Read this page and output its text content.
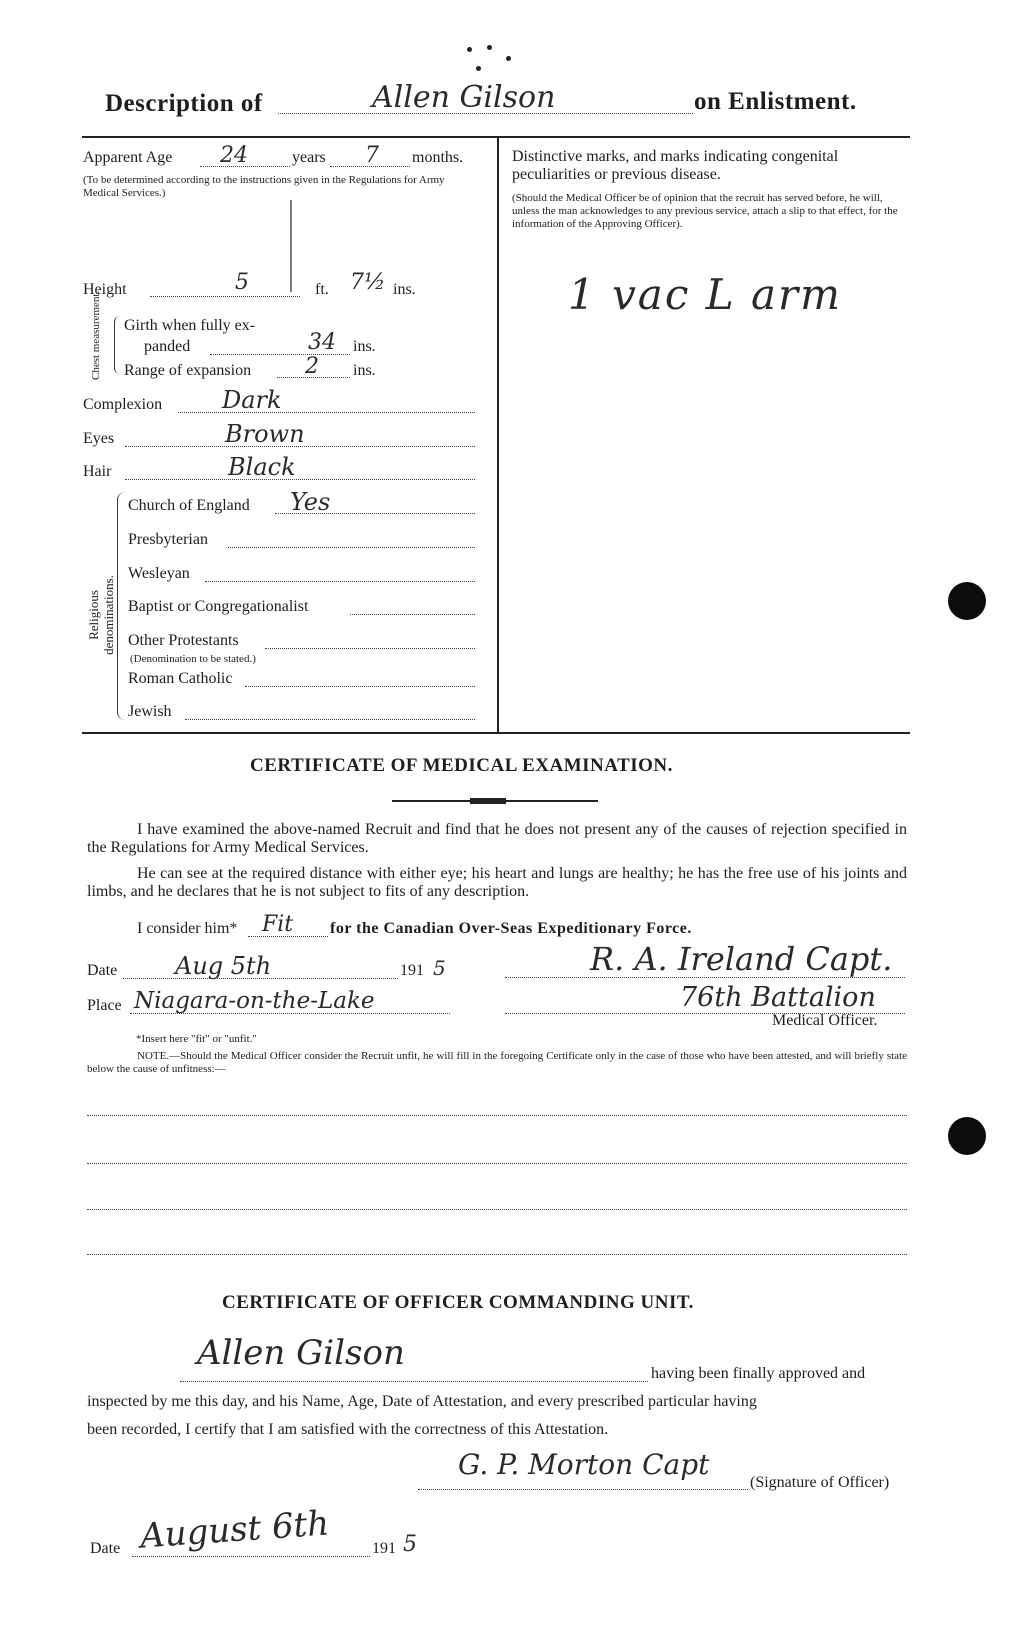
Description of	Allen Gilson	on Enlistment.
Apparent Age 24	years 7 months.
(To be determined according to the instructions given in the Regulations for Army Medical Services.)
Height	5	ft. 7½ ins.
Chest measurement. Girth when fully ex-
panded	34 ins.
Range of expansion 2 ins.
Complexion Dark
Eyes	Brown
Hair	Black
Religious denominations.
Church of England Yes
Presbyterian
Wesleyan
Baptist or Congregationalist
Other Protestants
(Denomination to be stated.)
Roman Catholic
Jewish
Distinctive marks, and marks indicating congenital peculiarities or previous disease.
(Should the Medical Officer be of opinion that the recruit has served before, he will, unless the man acknowledges to any previous service, attach a slip to that effect, for the information of the Approving Officer).
1 vac L arm
CERTIFICATE OF MEDICAL EXAMINATION.
I have examined the above-named Recruit and find that he does not present any of the causes of rejection specified in the Regulations for Army Medical Services.
He can see at the required distance with either eye; his heart and lungs are healthy; he has the free use of his joints and limbs, and he declares that he is not subject to fits of any description.
I consider him* Fit for the Canadian Over-Seas Expeditionary Force.
Date Aug 5th	191 5
Place Niagara-on-the-Lake
R. A. Ireland Capt.
76th Battalion
Medical Officer.
*Insert here "fit" or "unfit."
NOTE.—Should the Medical Officer consider the Recruit unfit, he will fill in the foregoing Certificate only in the case of those who have been attested, and will briefly state below the cause of unfitness:—
CERTIFICATE OF OFFICER COMMANDING UNIT.
Allen Gilson
having been finally approved and
inspected by me this day, and his Name, Age, Date of Attestation, and every prescribed particular having
been recorded, I certify that I am satisfied with the correctness of this Attestation.
G. P. Morton Capt
(Signature of Officer)
Date August 6th	191 5
